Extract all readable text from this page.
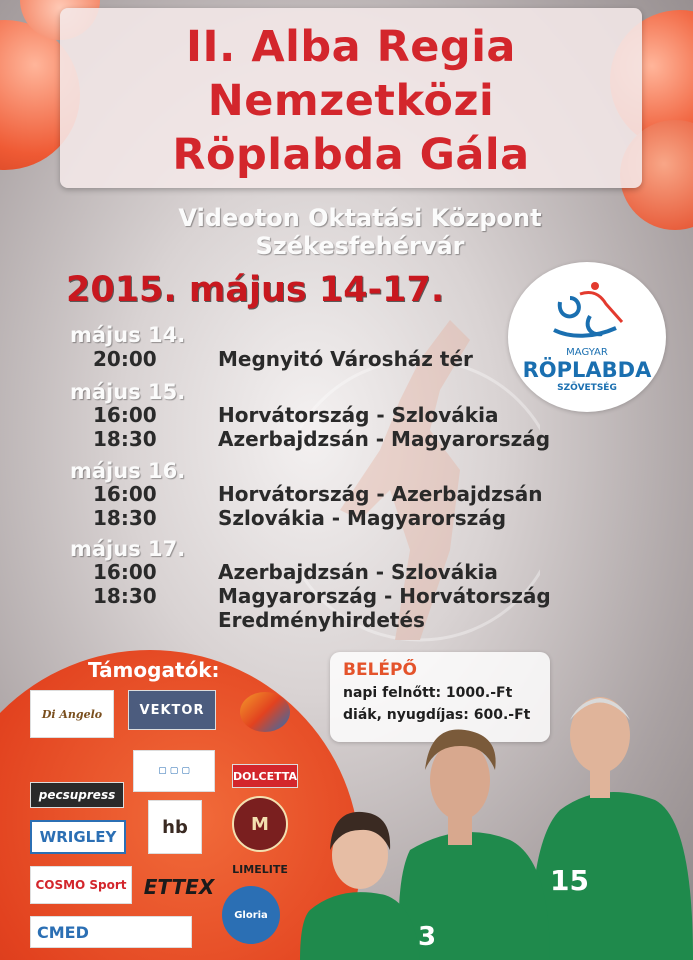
II. Alba Regia
Nemzetközi
Röplabda Gála
Videoton Oktatási Központ
Székesfehérvár
2015. május 14-17.
MAGYAR
RÖPLABDA
SZÖVETSÉG
május 14.
20:00	Megnyitó Városház tér
május 15.
16:00	Horvátország - Szlovákia
18:30	Azerbajdzsán - Magyarország
május 16.
16:00	Horvátország - Azerbajdzsán
18:30	Szlovákia - Magyarország
május 17.
16:00	Azerbajdzsán - Szlovákia
18:30	Magyarország - Horvátország
Eredményhirdetés
Támogatók:
Di Angelo	VEKTOR
▢ ▢ ▢	DOLCETTA
pecsupress
hb	M
WRIGLEY
COSMO Sport ETTEX
LIMELITE
Gloria
CMED
BELÉPŐ
napi felnőtt: 1000.-Ft
diák, nyugdíjas: 600.-Ft
15
3
